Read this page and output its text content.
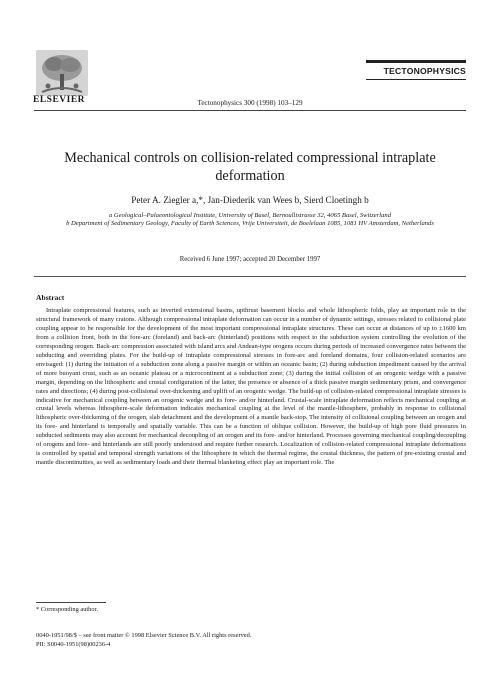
ELSEVIER	Tectonophysics 300 (1998) 103–129
TECTONOPHYSICS
Mechanical controls on collision-related compressional intraplate deformation
Peter A. Ziegler a,*, Jan-Diederik van Wees b, Sierd Cloetingh b
a Geological–Palaeontological Institute, University of Basel, Bernoullistrasse 32, 4065 Basel, Switzerland
b Department of Sedimentary Geology, Faculty of Earth Sciences, Vrije Universiteit, de Boelelaan 1085, 1081 HV Amsterdam, Netherlands
Received 6 June 1997; accepted 20 December 1997
Abstract
Intraplate compressional features, such as inverted extensional basins, upthrust basement blocks and whole lithospheric folds, play an important role in the structural framework of many cratons. Although compressional intraplate deformation can occur in a number of dynamic settings, stresses related to collisional plate coupling appear to be responsible for the development of the most important compressional intraplate structures. These can occur at distances of up to ±1600 km from a collision front, both in the fore-arc (foreland) and back-arc (hinterland) positions with respect to the subduction system controlling the evolution of the corresponding orogen. Back-arc compression associated with island arcs and Andean-type orogens occurs during periods of increased convergence rates between the subducting and overriding plates. For the build-up of intraplate compressional stresses in fore-arc and foreland domains, four collision-related scenarios are envisaged: (1) during the initiation of a subduction zone along a passive margin or within an oceanic basin; (2) during subduction impediment caused by the arrival of more buoyant crust, such as an oceanic plateau or a microcontinent at a subduction zone; (3) during the initial collision of an orogenic wedge with a passive margin, depending on the lithospheric and crustal configuration of the latter, the presence or absence of a thick passive margin sedimentary prism, and convergence rates and directions; (4) during post-collisional over-thickening and uplift of an orogenic wedge. The build-up of collision-related compressional intraplate stresses is indicative for mechanical coupling between an orogenic wedge and its fore- and/or hinterland. Crustal-scale intraplate deformation reflects mechanical coupling at crustal levels whereas lithosphere-scale deformation indicates mechanical coupling at the level of the mantle-lithosphere, probably in response to collisional lithospheric over-thickening of the orogen, slab detachment and the development of a mantle back-stop. The intensity of collisional coupling between an orogen and its fore- and hinterland is temporally and spatially variable. This can be a function of oblique collision. However, the build-up of high pore fluid pressures in subducted sediments may also account for mechanical decoupling of an orogen and its fore- and/or hinterland. Processes governing mechanical coupling/decoupling of orogens and fore- and hinterlands are still poorly understood and require further research. Localization of collision-related compressional intraplate deformations is controlled by spatial and temporal strength variations of the lithosphere in which the thermal regime, the crustal thickness, the pattern of pre-existing crustal and mantle discontinuities, as well as sedimentary loads and their thermal blanketing effect play an important role. The
* Corresponding author.
0040-1951/98/$ – see front matter © 1998 Elsevier Science B.V. All rights reserved.
PII: S0040-1951(98)00236-4
